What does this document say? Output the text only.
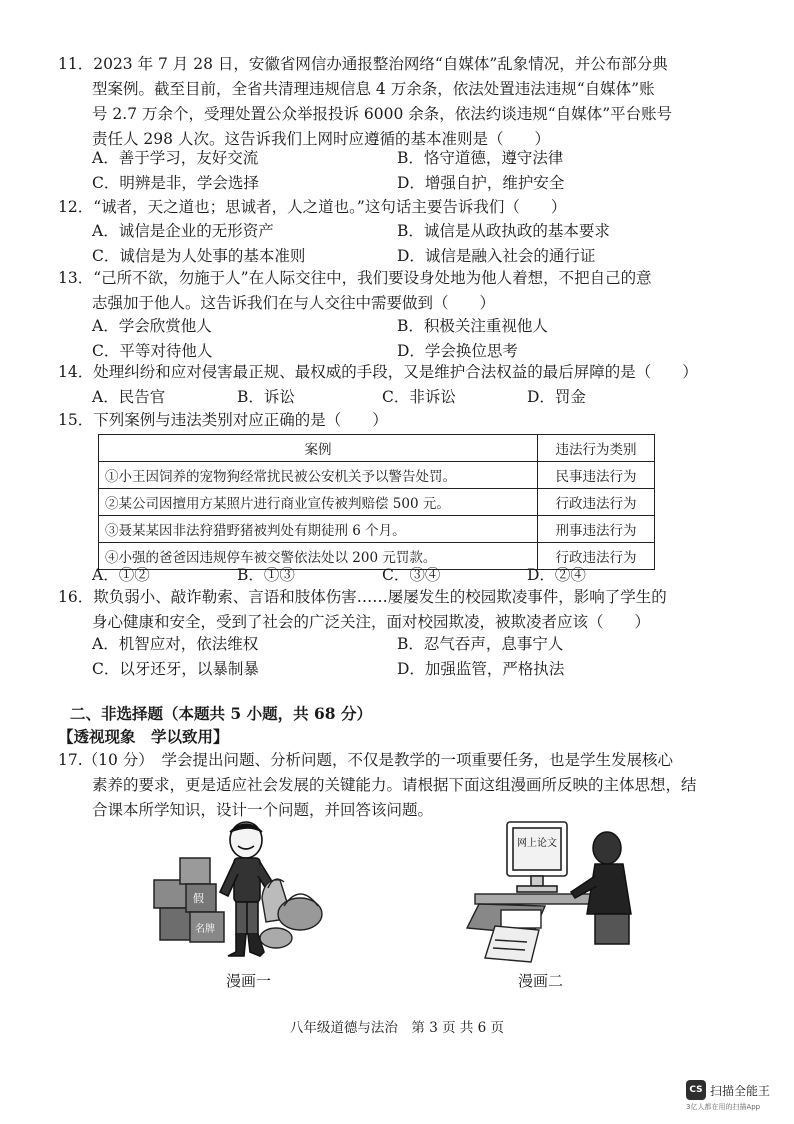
11．2023 年 7 月 28 日，安徽省网信办通报整治网络“自媒体”乱象情况，并公布部分典
型案例。截至目前，全省共清理违规信息 4 万余条，依法处置违法违规“自媒体”账
号 2.7 万余个，受理处置公众举报投诉 6000 余条，依法约谈违规“自媒体”平台账号
责任人 298 人次。这告诉我们上网时应遵循的基本准则是（　　）
A．善于学习，友好交流	B．恪守道德，遵守法律
C．明辨是非，学会选择	D．增强自护，维护安全
12．“诚者，天之道也；思诚者，人之道也。”这句话主要告诉我们（　　）
A．诚信是企业的无形资产	B．诚信是从政执政的基本要求
C．诚信是为人处事的基本准则	D．诚信是融入社会的通行证
13．“己所不欲，勿施于人”在人际交往中，我们要设身处地为他人着想，不把自己的意
志强加于他人。这告诉我们在与人交往中需要做到（　　）
A．学会欣赏他人	B．积极关注重视他人
C．平等对待他人	D．学会换位思考
14．处理纠纷和应对侵害最正规、最权威的手段，又是维护合法权益的最后屏障的是（　　）
A．民告官	B．诉讼	C．非诉讼	D．罚金
15．下列案例与违法类别对应正确的是（　　）
案例	违法行为类别
①小王因饲养的宠物狗经常扰民被公安机关予以警告处罚。	民事违法行为
②某公司因擅用方某照片进行商业宣传被判赔偿 500 元。	行政违法行为
③聂某某因非法狩猎野猪被判处有期徒刑 6 个月。	刑事违法行为
④小强的爸爸因违规停车被交警依法处以 200 元罚款。	行政违法行为
A．①②	B．①③	C．③④	D．②④
16．欺负弱小、敲诈勒索、言语和肢体伤害……屡屡发生的校园欺凌事件，影响了学生的
身心健康和安全，受到了社会的广泛关注，面对校园欺凌，被欺凌者应该（　　）
A．机智应对，依法维权	B．忍气吞声，息事宁人
C．以牙还牙，以暴制暴	D．加强监管，严格执法
二、非选择题（本题共 5 小题，共 68 分）
【透视现象　学以致用】
17.（10 分）　学会提出问题、分析问题，不仅是教学的一项重要任务，也是学生发展核心
素养的要求，更是适应社会发展的关键能力。请根据下面这组漫画所反映的主体思想，结
合课本所学知识，设计一个问题，并回答该问题。
假
名牌
漫画一
网上论文
漫画二
八年级道德与法治　第 3 页 共 6 页
CS 扫描全能王
3亿人都在用的扫描App
